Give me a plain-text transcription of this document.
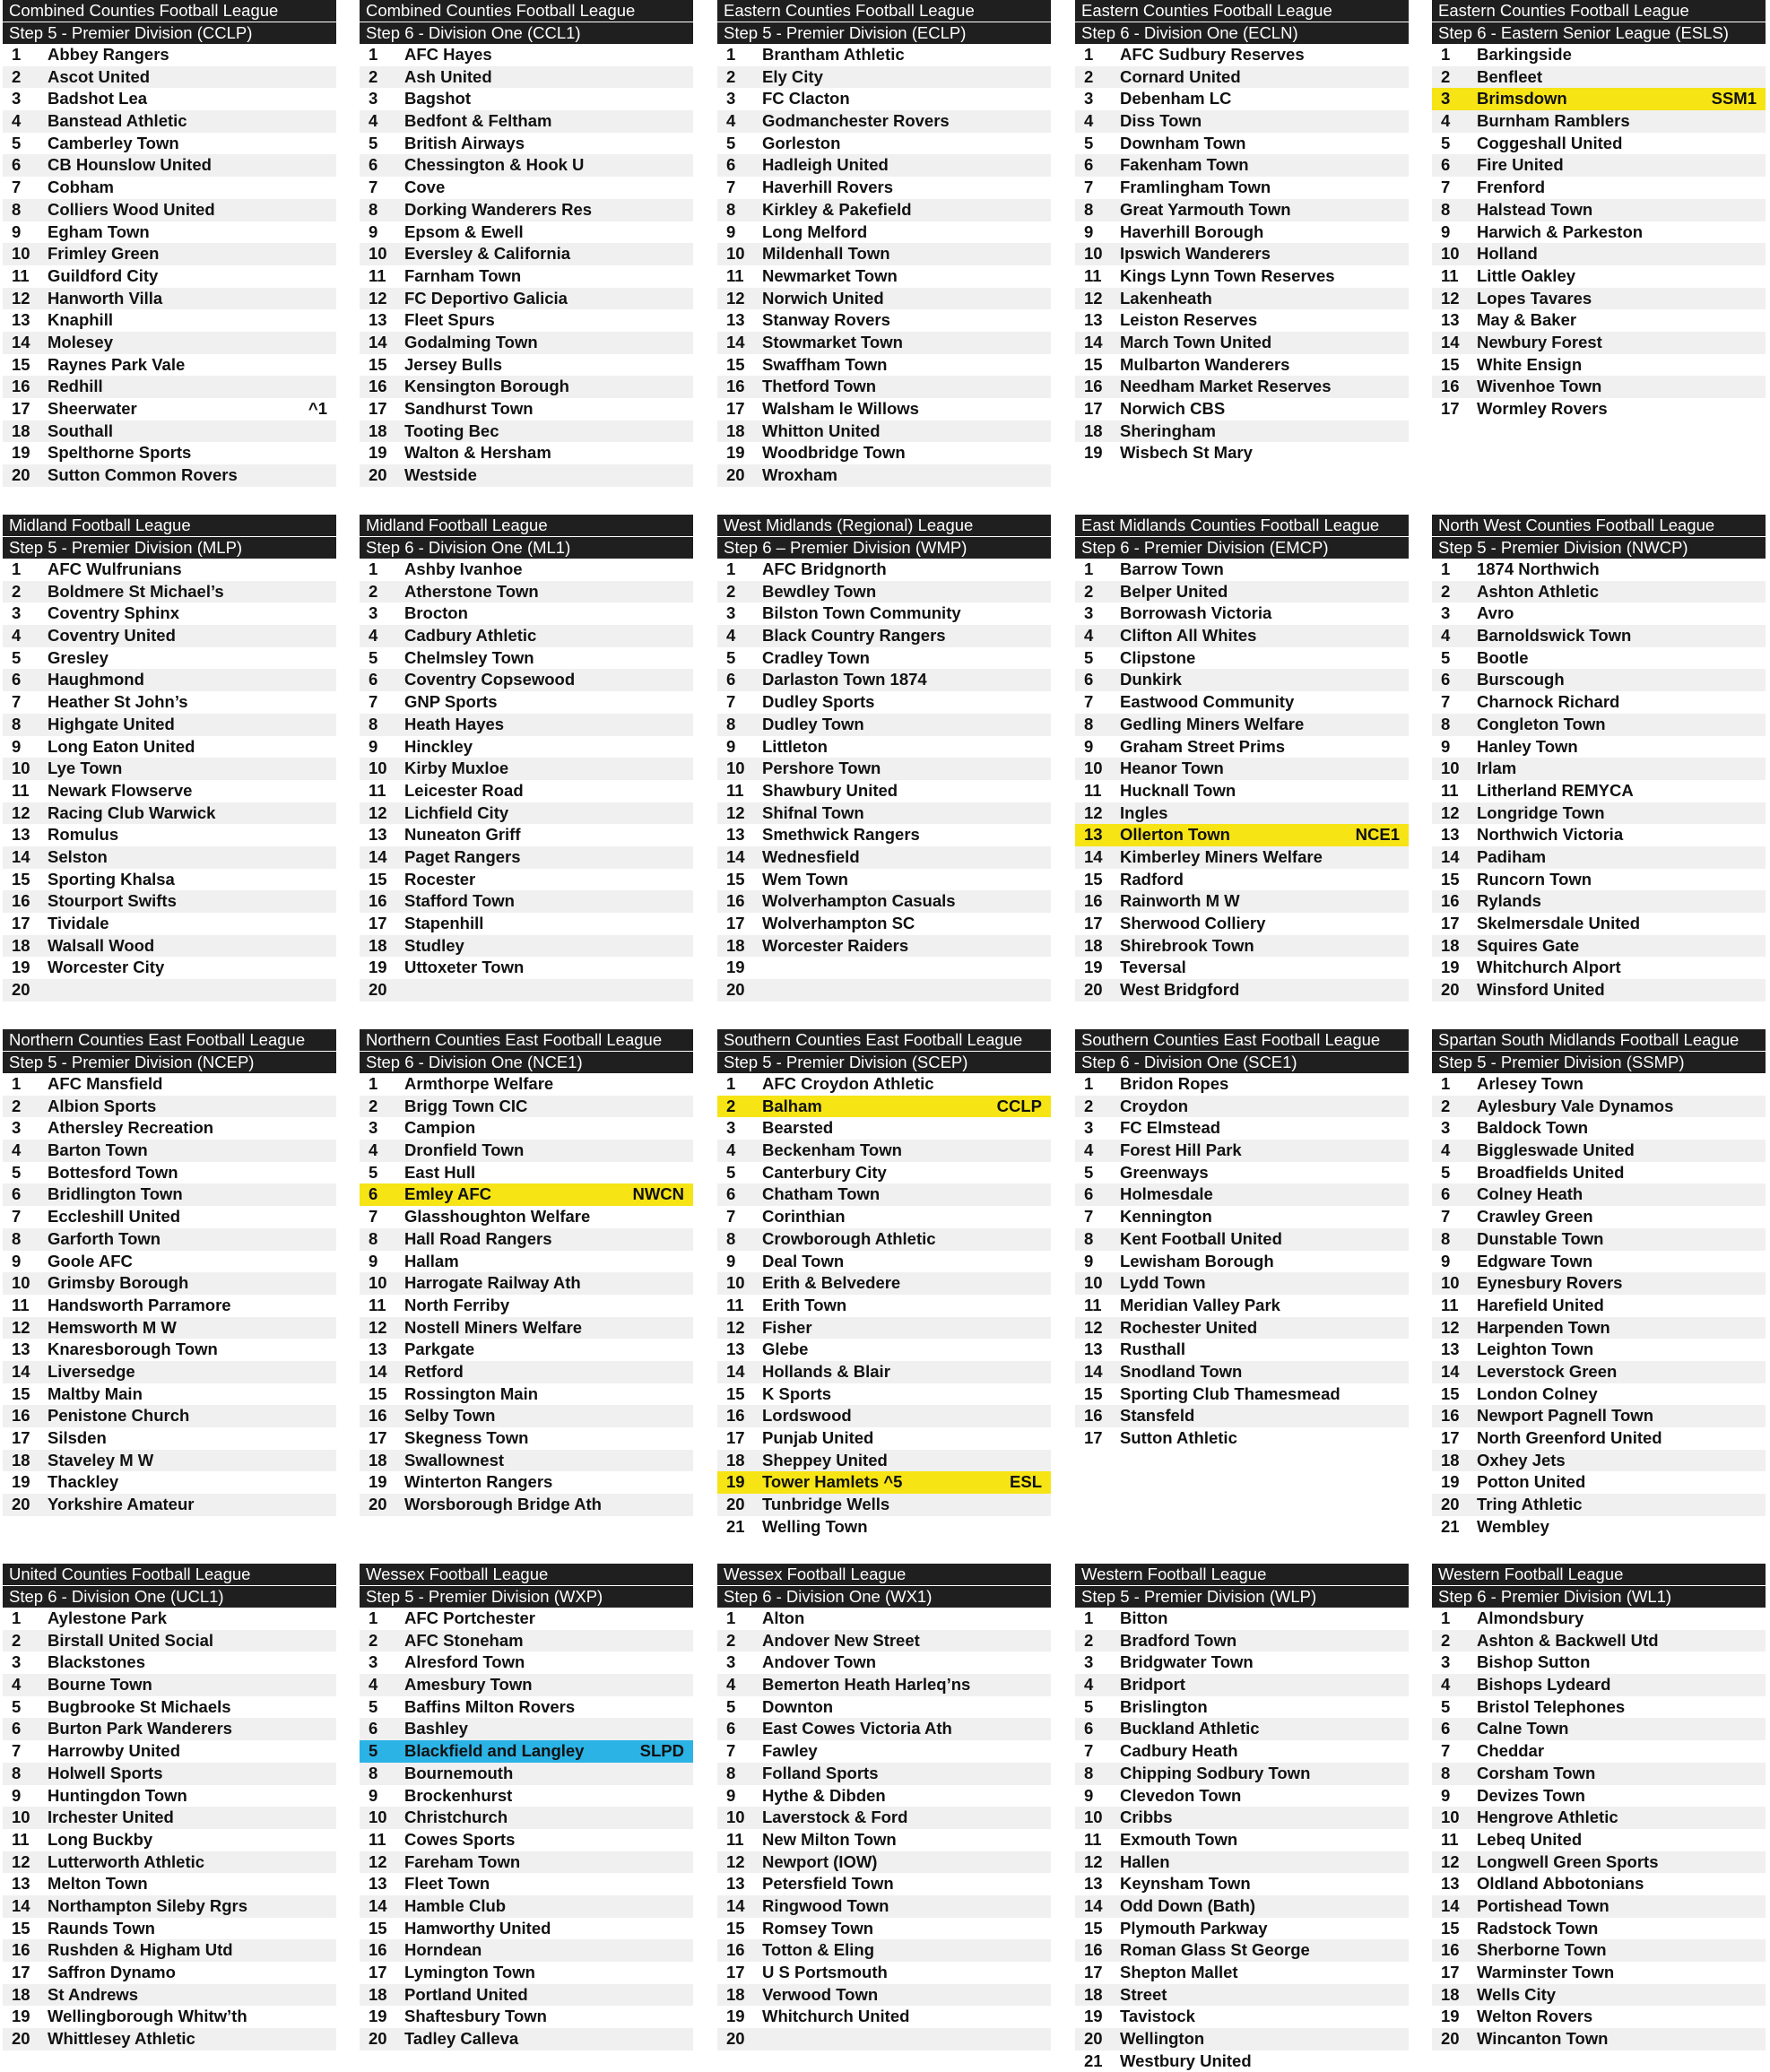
Combined Counties Football League
Step 5 - Premier Division (CCLP)
1	Abbey Rangers
2	Ascot United
3	Badshot Lea
4	Banstead Athletic
5	Camberley Town
6	CB Hounslow United
7	Cobham
8	Colliers Wood United
9	Egham Town
10	Frimley Green
11	Guildford City
12	Hanworth Villa
13	Knaphill
14	Molesey
15	Raynes Park Vale
16	Redhill
17	Sheerwater	^1
18	Southall
19	Spelthorne Sports
20	Sutton Common Rovers
Combined Counties Football League
Step 6 - Division One (CCL1)
1	AFC Hayes
2	Ash United
3	Bagshot
4	Bedfont & Feltham
5	British Airways
6	Chessington & Hook U
7	Cove
8	Dorking Wanderers Res
9	Epsom & Ewell
10	Eversley & California
11	Farnham Town
12	FC Deportivo Galicia
13	Fleet Spurs
14	Godalming Town
15	Jersey Bulls
16	Kensington Borough
17	Sandhurst Town
18	Tooting Bec
19	Walton & Hersham
20	Westside
Eastern Counties Football League
Step 5 - Premier Division (ECLP)
1	Brantham Athletic
2	Ely City
3	FC Clacton
4	Godmanchester Rovers
5	Gorleston
6	Hadleigh United
7	Haverhill Rovers
8	Kirkley & Pakefield
9	Long Melford
10	Mildenhall Town
11	Newmarket Town
12	Norwich United
13	Stanway Rovers
14	Stowmarket Town
15	Swaffham Town
16	Thetford Town
17	Walsham le Willows
18	Whitton United
19	Woodbridge Town
20	Wroxham
Eastern Counties Football League
Step 6 - Division One (ECLN)
1	AFC Sudbury Reserves
2	Cornard United
3	Debenham LC
4	Diss Town
5	Downham Town
6	Fakenham Town
7	Framlingham Town
8	Great Yarmouth Town
9	Haverhill Borough
10	Ipswich Wanderers
11	Kings Lynn Town Reserves
12	Lakenheath
13	Leiston Reserves
14	March Town United
15	Mulbarton Wanderers
16	Needham Market Reserves
17	Norwich CBS
18	Sheringham
19	Wisbech St Mary
Eastern Counties Football League
Step 6 - Eastern Senior League (ESLS)
1	Barkingside
2	Benfleet
3	Brimsdown	SSM1
4	Burnham Ramblers
5	Coggeshall United
6	Fire United
7	Frenford
8	Halstead Town
9	Harwich & Parkeston
10	Holland
11	Little Oakley
12	Lopes Tavares
13	May & Baker
14	Newbury Forest
15	White Ensign
16	Wivenhoe Town
17	Wormley Rovers
Midland Football League
Step 5 - Premier Division (MLP)
1	AFC Wulfrunians
2	Boldmere St Michael’s
3	Coventry Sphinx
4	Coventry United
5	Gresley
6	Haughmond
7	Heather St John’s
8	Highgate United
9	Long Eaton United
10	Lye Town
11	Newark Flowserve
12	Racing Club Warwick
13	Romulus
14	Selston
15	Sporting Khalsa
16	Stourport Swifts
17	Tividale
18	Walsall Wood
19	Worcester City
20
Midland Football League
Step 6 - Division One (ML1)
1	Ashby Ivanhoe
2	Atherstone Town
3	Brocton
4	Cadbury Athletic
5	Chelmsley Town
6	Coventry Copsewood
7	GNP Sports
8	Heath Hayes
9	Hinckley
10	Kirby Muxloe
11	Leicester Road
12	Lichfield City
13	Nuneaton Griff
14	Paget Rangers
15	Rocester
16	Stafford Town
17	Stapenhill
18	Studley
19	Uttoxeter Town
20
West Midlands (Regional) League
Step 6 – Premier Division (WMP)
1	AFC Bridgnorth
2	Bewdley Town
3	Bilston Town Community
4	Black Country Rangers
5	Cradley Town
6	Darlaston Town 1874
7	Dudley Sports
8	Dudley Town
9	Littleton
10	Pershore Town
11	Shawbury United
12	Shifnal Town
13	Smethwick Rangers
14	Wednesfield
15	Wem Town
16	Wolverhampton Casuals
17	Wolverhampton SC
18	Worcester Raiders
19
20
East Midlands Counties Football League
Step 6 - Premier Division (EMCP)
1	Barrow Town
2	Belper United
3	Borrowash Victoria
4	Clifton All Whites
5	Clipstone
6	Dunkirk
7	Eastwood Community
8	Gedling Miners Welfare
9	Graham Street Prims
10	Heanor Town
11	Hucknall Town
12	Ingles
13	Ollerton Town	NCE1
14	Kimberley Miners Welfare
15	Radford
16	Rainworth M W
17	Sherwood Colliery
18	Shirebrook Town
19	Teversal
20	West Bridgford
North West Counties Football League
Step 5 - Premier Division (NWCP)
1	1874 Northwich
2	Ashton Athletic
3	Avro
4	Barnoldswick Town
5	Bootle
6	Burscough
7	Charnock Richard
8	Congleton Town
9	Hanley Town
10	Irlam
11	Litherland REMYCA
12	Longridge Town
13	Northwich Victoria
14	Padiham
15	Runcorn Town
16	Rylands
17	Skelmersdale United
18	Squires Gate
19	Whitchurch Alport
20	Winsford United
Northern Counties East Football League
Step 5 - Premier Division (NCEP)
1	AFC Mansfield
2	Albion Sports
3	Athersley Recreation
4	Barton Town
5	Bottesford Town
6	Bridlington Town
7	Eccleshill United
8	Garforth Town
9	Goole AFC
10	Grimsby Borough
11	Handsworth Parramore
12	Hemsworth M W
13	Knaresborough Town
14	Liversedge
15	Maltby Main
16	Penistone Church
17	Silsden
18	Staveley M W
19	Thackley
20	Yorkshire Amateur
Northern Counties East Football League
Step 6 - Division One (NCE1)
1	Armthorpe Welfare
2	Brigg Town CIC
3	Campion
4	Dronfield Town
5	East Hull
6	Emley AFC	NWCN
7	Glasshoughton Welfare
8	Hall Road Rangers
9	Hallam
10	Harrogate Railway Ath
11	North Ferriby
12	Nostell Miners Welfare
13	Parkgate
14	Retford
15	Rossington Main
16	Selby Town
17	Skegness Town
18	Swallownest
19	Winterton Rangers
20	Worsborough Bridge Ath
Southern Counties East Football League
Step 5 - Premier Division (SCEP)
1	AFC Croydon Athletic
2	Balham	CCLP
3	Bearsted
4	Beckenham Town
5	Canterbury City
6	Chatham Town
7	Corinthian
8	Crowborough Athletic
9	Deal Town
10	Erith & Belvedere
11	Erith Town
12	Fisher
13	Glebe
14	Hollands & Blair
15	K Sports
16	Lordswood
17	Punjab United
18	Sheppey United
19	Tower Hamlets ^5	ESL
20	Tunbridge Wells
21	Welling Town
Southern Counties East Football League
Step 6 - Division One (SCE1)
1	Bridon Ropes
2	Croydon
3	FC Elmstead
4	Forest Hill Park
5	Greenways
6	Holmesdale
7	Kennington
8	Kent Football United
9	Lewisham Borough
10	Lydd Town
11	Meridian Valley Park
12	Rochester United
13	Rusthall
14	Snodland Town
15	Sporting Club Thamesmead
16	Stansfeld
17	Sutton Athletic
Spartan South Midlands Football League
Step 5 - Premier Division (SSMP)
1	Arlesey Town
2	Aylesbury Vale Dynamos
3	Baldock Town
4	Biggleswade United
5	Broadfields United
6	Colney Heath
7	Crawley Green
8	Dunstable Town
9	Edgware Town
10	Eynesbury Rovers
11	Harefield United
12	Harpenden Town
13	Leighton Town
14	Leverstock Green
15	London Colney
16	Newport Pagnell Town
17	North Greenford United
18	Oxhey Jets
19	Potton United
20	Tring Athletic
21	Wembley
United Counties Football League
Step 6 - Division One (UCL1)
1	Aylestone Park
2	Birstall United Social
3	Blackstones
4	Bourne Town
5	Bugbrooke St Michaels
6	Burton Park Wanderers
7	Harrowby United
8	Holwell Sports
9	Huntingdon Town
10	Irchester United
11	Long Buckby
12	Lutterworth Athletic
13	Melton Town
14	Northampton Sileby Rgrs
15	Raunds Town
16	Rushden & Higham Utd
17	Saffron Dynamo
18	St Andrews
19	Wellingborough Whitw’th
20	Whittlesey Athletic
Wessex Football League
Step 5 - Premier Division (WXP)
1	AFC Portchester
2	AFC Stoneham
3	Alresford Town
4	Amesbury Town
5	Baffins Milton Rovers
6	Bashley
5	Blackfield and Langley	SLPD
8	Bournemouth
9	Brockenhurst
10	Christchurch
11	Cowes Sports
12	Fareham Town
13	Fleet Town
14	Hamble Club
15	Hamworthy United
16	Horndean
17	Lymington Town
18	Portland United
19	Shaftesbury Town
20	Tadley Calleva
Wessex Football League
Step 6 - Division One (WX1)
1	Alton
2	Andover New Street
3	Andover Town
4	Bemerton Heath Harleq’ns
5	Downton
6	East Cowes Victoria Ath
7	Fawley
8	Folland Sports
9	Hythe & Dibden
10	Laverstock & Ford
11	New Milton Town
12	Newport (IOW)
13	Petersfield Town
14	Ringwood Town
15	Romsey Town
16	Totton & Eling
17	U S Portsmouth
18	Verwood Town
19	Whitchurch United
20
Western Football League
Step 5 - Premier Division (WLP)
1	Bitton
2	Bradford Town
3	Bridgwater Town
4	Bridport
5	Brislington
6	Buckland Athletic
7	Cadbury Heath
8	Chipping Sodbury Town
9	Clevedon Town
10	Cribbs
11	Exmouth Town
12	Hallen
13	Keynsham Town
14	Odd Down (Bath)
15	Plymouth Parkway
16	Roman Glass St George
17	Shepton Mallet
18	Street
19	Tavistock
20	Wellington
21	Westbury United
Western Football League
Step 6 - Premier Division (WL1)
1	Almondsbury
2	Ashton & Backwell Utd
3	Bishop Sutton
4	Bishops Lydeard
5	Bristol Telephones
6	Calne Town
7	Cheddar
8	Corsham Town
9	Devizes Town
10	Hengrove Athletic
11	Lebeq United
12	Longwell Green Sports
13	Oldland Abbotonians
14	Portishead Town
15	Radstock Town
16	Sherborne Town
17	Warminster Town
18	Wells City
19	Welton Rovers
20	Wincanton Town
